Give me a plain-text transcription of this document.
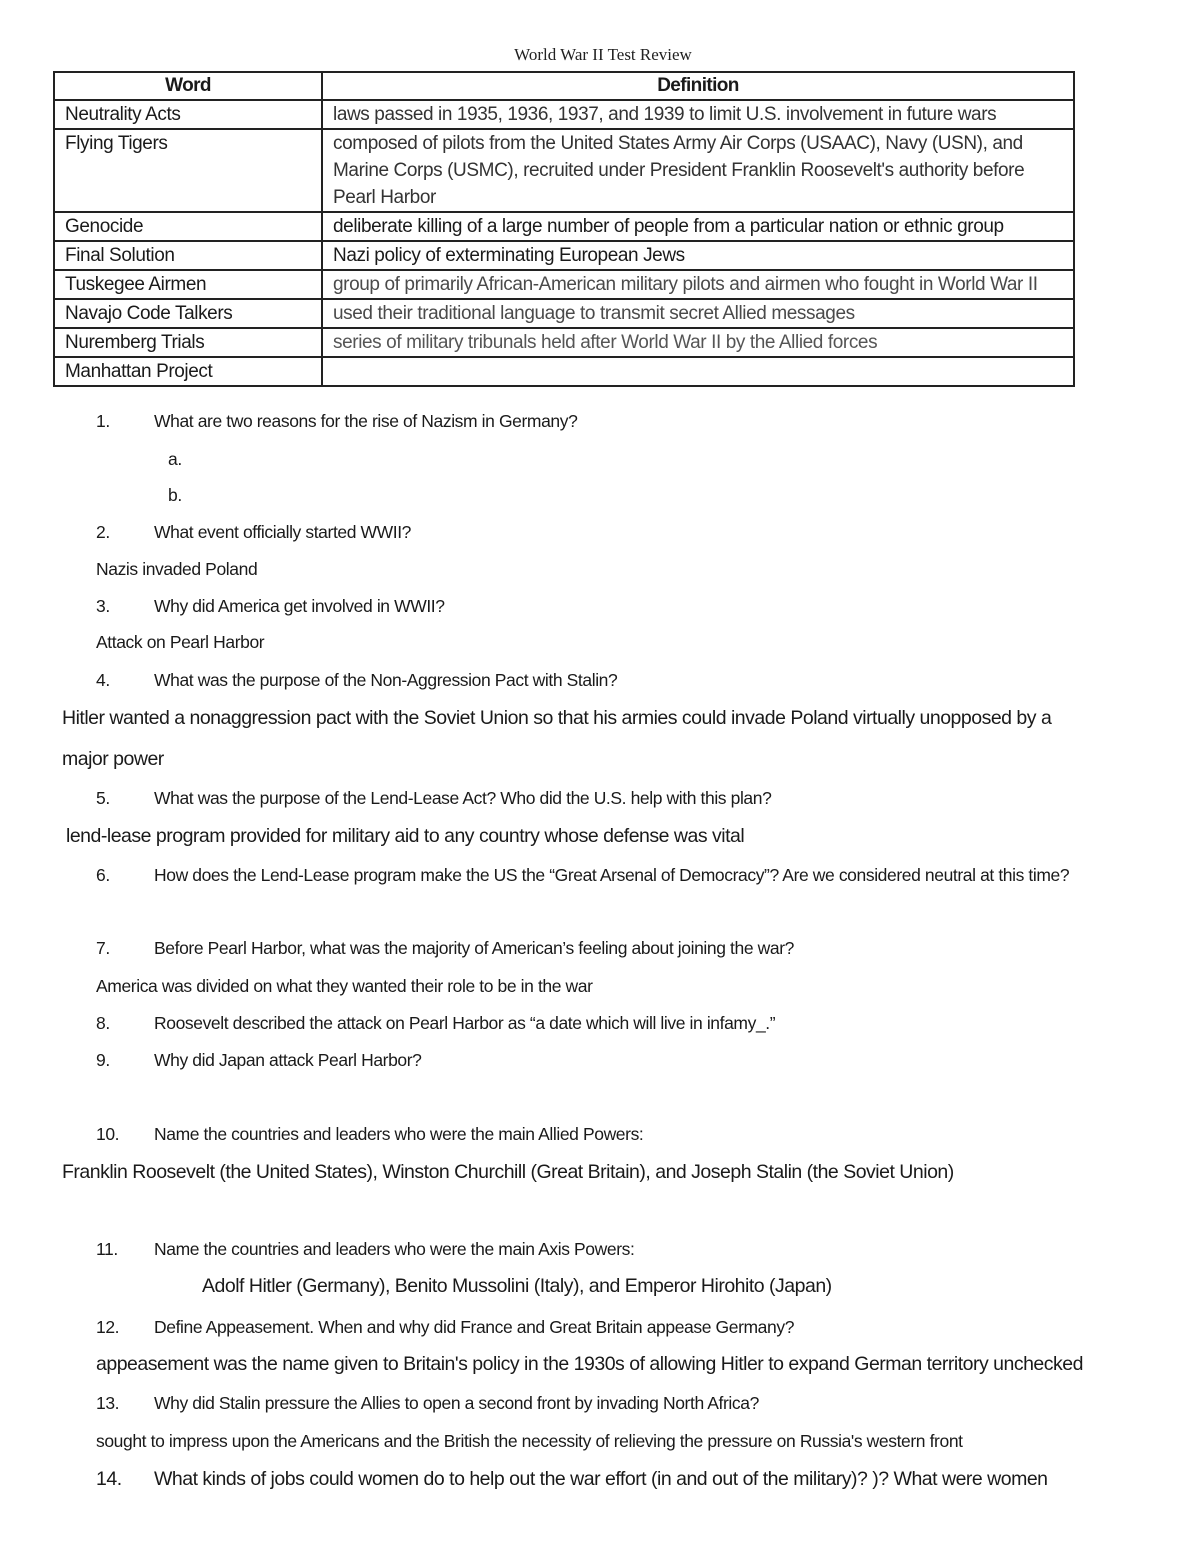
World War II Test Review
Word	Definition
Neutrality Acts	laws passed in 1935, 1936, 1937, and 1939 to limit U.S. involvement in future wars
Flying Tigers	composed of pilots from the United States Army Air Corps (USAAC), Navy (USN), and Marine Corps (USMC), recruited under President Franklin Roosevelt's authority before Pearl Harbor
Genocide	deliberate killing of a large number of people from a particular nation or ethnic group
Final Solution	Nazi policy of exterminating European Jews
Tuskegee Airmen	group of primarily African-American military pilots and airmen who fought in World War II
Navajo Code Talkers	used their traditional language to transmit secret Allied messages
Nuremberg Trials	series of military tribunals held after World War II by the Allied forces
Manhattan Project	
1.	What are two reasons for the rise of Nazism in Germany?
a.
b.
2.	What event officially started WWII?
Nazis invaded Poland
3.	Why did America get involved in WWII?
Attack on Pearl Harbor
4.	What was the purpose of the Non-Aggression Pact with Stalin?
Hitler wanted a nonaggression pact with the Soviet Union so that his armies could invade Poland virtually unopposed by a
major power
5.	What was the purpose of the Lend-Lease Act? Who did the U.S. help with this plan?
lend-lease program provided for military aid to any country whose defense was vital
6.	How does the Lend-Lease program make the US the “Great Arsenal of Democracy”? Are we considered neutral at this time?
7.	Before Pearl Harbor, what was the majority of American’s feeling about joining the war?
America was divided on what they wanted their role to be in the war
8.	Roosevelt described the attack on Pearl Harbor as “a date which will live in infamy_.”
9.	Why did Japan attack Pearl Harbor?
10. Name the countries and leaders who were the main Allied Powers:
Franklin Roosevelt (the United States), Winston Churchill (Great Britain), and Joseph Stalin (the Soviet Union)
11. Name the countries and leaders who were the main Axis Powers:
Adolf Hitler (Germany), Benito Mussolini (Italy), and Emperor Hirohito (Japan)
12. Define Appeasement. When and why did France and Great Britain appease Germany?
appeasement was the name given to Britain's policy in the 1930s of allowing Hitler to expand German territory unchecked
13. Why did Stalin pressure the Allies to open a second front by invading North Africa?
sought to impress upon the Americans and the British the necessity of relieving the pressure on Russia's western front
14. What kinds of jobs could women do to help out the war effort (in and out of the military)? )? What were women
